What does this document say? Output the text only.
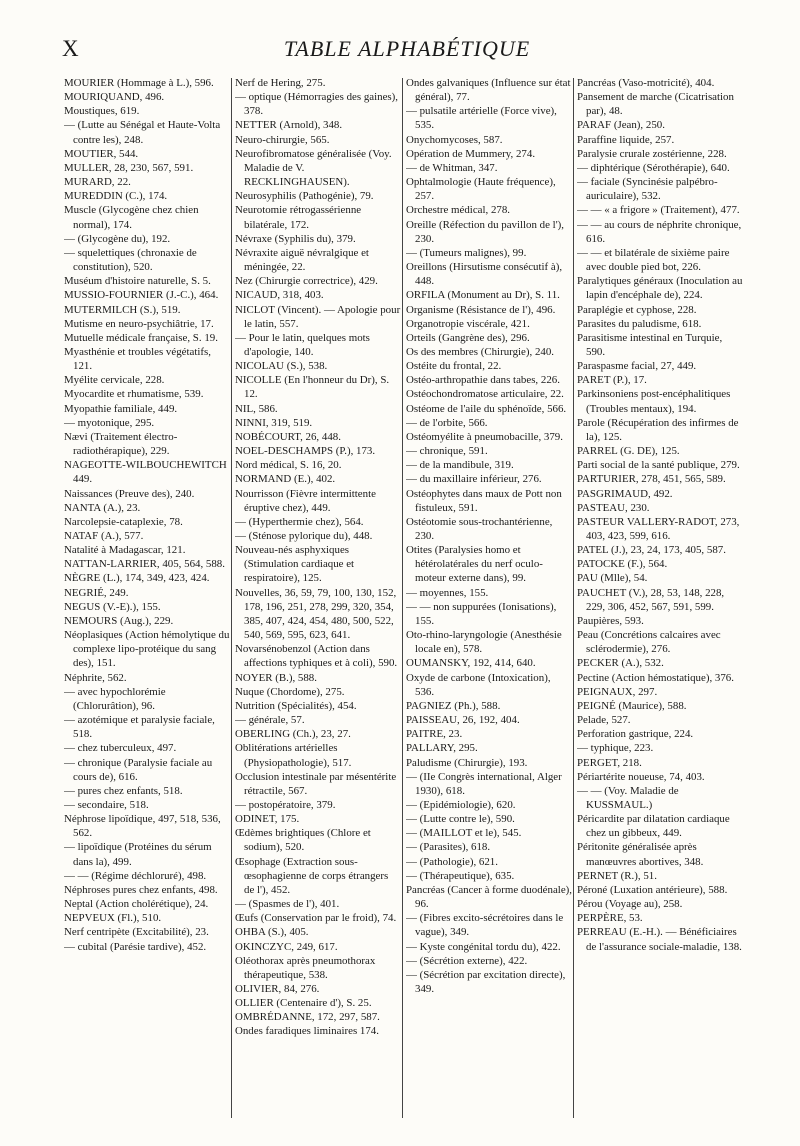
X	TABLE ALPHABÉTIQUE

MOURIER (Hommage à L.), 596.

MOURIQUAND, 496.

Moustiques, 619.

— (Lutte au Sénégal et Haute-Volta contre les), 248.

MOUTIER, 544.

MULLER, 28, 230, 567, 591.

MURARD, 22.

MUREDDIN (C.), 174.

Muscle (Glycogène chez chien normal), 174.

— (Glycogène du), 192.

— squelettiques (chronaxie de constitution), 520.

Muséum d'histoire naturelle, S. 5.

MUSSIO-FOURNIER (J.-C.), 464.

MUTERMILCH (S.), 519.

Mutisme en neuro-psychiâtrie, 17.

Mutuelle médicale française, S. 19.

Myasthénie et troubles végétatifs, 121.

Myélite cervicale, 228.

Myocardite et rhumatisme, 539.

Myopathie familiale, 449.

— myotonique, 295.

Nævi (Traitement électro-radiothérapique), 229.

NAGEOTTE-WILBOUCHEWITCH 449.

Naissances (Preuve des), 240.

NANTA (A.), 23.

Narcolepsie-cataplexie, 78.

NATAF (A.), 577.

Natalité à Madagascar, 121.

NATTAN-LARRIER, 405, 564, 588.

NÈGRE (L.), 174, 349, 423, 424.

NEGRIÉ, 249.

NEGUS (V.-E).), 155.

NEMOURS (Aug.), 229.

Néoplasiques (Action hémolytique du complexe lipo-protéique du sang des), 151.

Néphrite, 562.

— avec hypochlorémie (Chlorurâtion), 96.

— azotémique et paralysie faciale, 518.

— chez tuberculeux, 497.

— chronique (Paralysie faciale au cours de), 616.

— pures chez enfants, 518.

— secondaire, 518.

Néphrose lipoïdique, 497, 518, 536, 562.

— lipoïdique (Protéines du sérum dans la), 499.

— — (Régime déchloruré), 498.

Néphroses pures chez enfants, 498.

Neptal (Action cholérétique), 24.

NEPVEUX (Fl.), 510.

Nerf centripète (Excitabilité), 23.

— cubital (Parésie tardive), 452.

Nerf de Hering, 275.

— optique (Hémorragies des gaines), 378.

NETTER (Arnold), 348.

Neuro-chirurgie, 565.

Neurofibromatose généralisée (Voy. Maladie de V. RECKLINGHAUSEN).

Neurosyphilis (Pathogénie), 79.

Neurotomie rétrogassérienne bilatérale, 172.

Névraxe (Syphilis du), 379.

Névraxite aiguë névralgique et méningée, 22.

Nez (Chirurgie correctrice), 429.

NICAUD, 318, 403.

NICLOT (Vincent). — Apologie pour le latin, 557.

— Pour le latin, quelques mots d'apologie, 140.

NICOLAU (S.), 538.

NICOLLE (En l'honneur du Dr), S. 12.

NIL, 586.

NINNI, 319, 519.

NOBÉCOURT, 26, 448.

NOEL-DESCHAMPS (P.), 173.

Nord médical, S. 16, 20.

NORMAND (E.), 402.

Nourrisson (Fièvre intermittente éruptive chez), 449.

— (Hyperthermie chez), 564.

— (Sténose pylorique du), 448.

Nouveau-nés asphyxiques (Stimulation cardiaque et respiratoire), 125.

Nouvelles, 36, 59, 79, 100, 130, 152, 178, 196, 251, 278, 299, 320, 354, 385, 407, 424, 454, 480, 500, 522, 540, 569, 595, 623, 641.

Novarsénobenzol (Action dans affections typhiques et à coli), 590.

NOYER (B.), 588.

Nuque (Chordome), 275.

Nutrition (Spécialités), 454.

— générale, 57.

OBERLING (Ch.), 23, 27.

Oblitérations artérielles (Physiopathologie), 517.

Occlusion intestinale par mésentérite rétractile, 567.

— postopératoire, 379.

ODINET, 175.

Œdèmes brightiques (Chlore et sodium), 520.

Œsophage (Extraction sous-œsophagienne de corps étrangers de l'), 452.

— (Spasmes de l'), 401.

Œufs (Conservation par le froid), 74.

OHBA (S.), 405.

OKINCZYC, 249, 617.

Oléothorax après pneumothorax thérapeutique, 538.

OLIVIER, 84, 276.

OLLIER (Centenaire d'), S. 25.

OMBRÉDANNE, 172, 297, 587.

Ondes faradiques liminaires 174.

Ondes galvaniques (Influence sur état général), 77.

— pulsatile artérielle (Force vive), 535.

Onychomycoses, 587.

Opération de Mummery, 274.

— de Whitman, 347.

Ophtalmologie (Haute fréquence), 257.

Orchestre médical, 278.

Oreille (Réfection du pavillon de l'), 230.

— (Tumeurs malignes), 99.

Oreillons (Hirsutisme consécutif à), 448.

ORFILA (Monument au Dr), S. 11.

Organisme (Résistance de l'), 496.

Organotropie viscérale, 421.

Orteils (Gangrène des), 296.

Os des membres (Chirurgie), 240.

Ostéite du frontal, 22.

Ostéo-arthropathie dans tabes, 226.

Ostéochondromatose articulaire, 22.

Ostéome de l'aile du sphénoïde, 566.

— de l'orbite, 566.

Ostéomyélite à pneumobacille, 379.

— chronique, 591.

— de la mandibule, 319.

— du maxillaire inférieur, 276.

Ostéophytes dans maux de Pott non fistuleux, 591.

Ostéotomie sous-trochantérienne, 230.

Otites (Paralysies homo et hétérolatérales du nerf oculo-moteur externe dans), 99.

— moyennes, 155.

— — non suppurées (Ionisations), 155.

Oto-rhino-laryngologie (Anesthésie locale en), 578.

OUMANSKY, 192, 414, 640.

Oxyde de carbone (Intoxication), 536.

PAGNIEZ (Ph.), 588.

PAISSEAU, 26, 192, 404.

PAITRE, 23.

PALLARY, 295.

Paludisme (Chirurgie), 193.

— (IIe Congrès international, Alger 1930), 618.

— (Epidémiologie), 620.

— (Lutte contre le), 590.

— (MAILLOT et le), 545.

— (Parasites), 618.

— (Pathologie), 621.

— (Thérapeutique), 635.

Pancréas (Cancer à forme duodénale), 96.

— (Fibres excito-sécrétoires dans le vague), 349.

— Kyste congénital tordu du), 422.

— (Sécrétion externe), 422.

— (Sécrétion par excitation directe), 349.

Pancréas (Vaso-motricité), 404.

Pansement de marche (Cicatrisation par), 48.

PARAF (Jean), 250.

Paraffine liquide, 257.

Paralysie crurale zostérienne, 228.

— diphtérique (Sérothérapie), 640.

— faciale (Syncinésie palpébro-auriculaire), 532.

— — « a frigore » (Traitement), 477.

— — au cours de néphrite chronique, 616.

— — et bilatérale de sixième paire avec double pied bot, 226.

Paralytiques généraux (Inoculation au lapin d'encéphale de), 224.

Paraplégie et cyphose, 228.

Parasites du paludisme, 618.

Parasitisme intestinal en Turquie, 590.

Paraspasme facial, 27, 449.

PARET (P.), 17.

Parkinsoniens post-encéphalitiques (Troubles mentaux), 194.

Parole (Récupération des infirmes de la), 125.

PARREL (G. DE), 125.

Parti social de la santé publique, 279.

PARTURIER, 278, 451, 565, 589.

PASGRIMAUD, 492.

PASTEAU, 230.

PASTEUR VALLERY-RADOT, 273, 403, 423, 599, 616.

PATEL (J.), 23, 24, 173, 405, 587.

PATOCKE (F.), 564.

PAU (Mlle), 54.

PAUCHET (V.), 28, 53, 148, 228, 229, 306, 452, 567, 591, 599.

Paupières, 593.

Peau (Concrétions calcaires avec sclérodermie), 276.

PECKER (A.), 532.

Pectine (Action hémostatique), 376.

PEIGNAUX, 297.

PEIGNÉ (Maurice), 588.

Pelade, 527.

Perforation gastrique, 224.

— typhique, 223.

PERGET, 218.

Périartérite noueuse, 74, 403.

— — (Voy. Maladie de KUSSMAUL.)

Péricardite par dilatation cardiaque chez un gibbeux, 449.

Péritonite généralisée après manœuvres abortives, 348.

PERNET (R.), 51.

Péroné (Luxation antérieure), 588.

Pérou (Voyage au), 258.

PERPÈRE, 53.

PERREAU (E.-H.). — Bénéficiaires de l'assurance sociale-maladie, 138.
